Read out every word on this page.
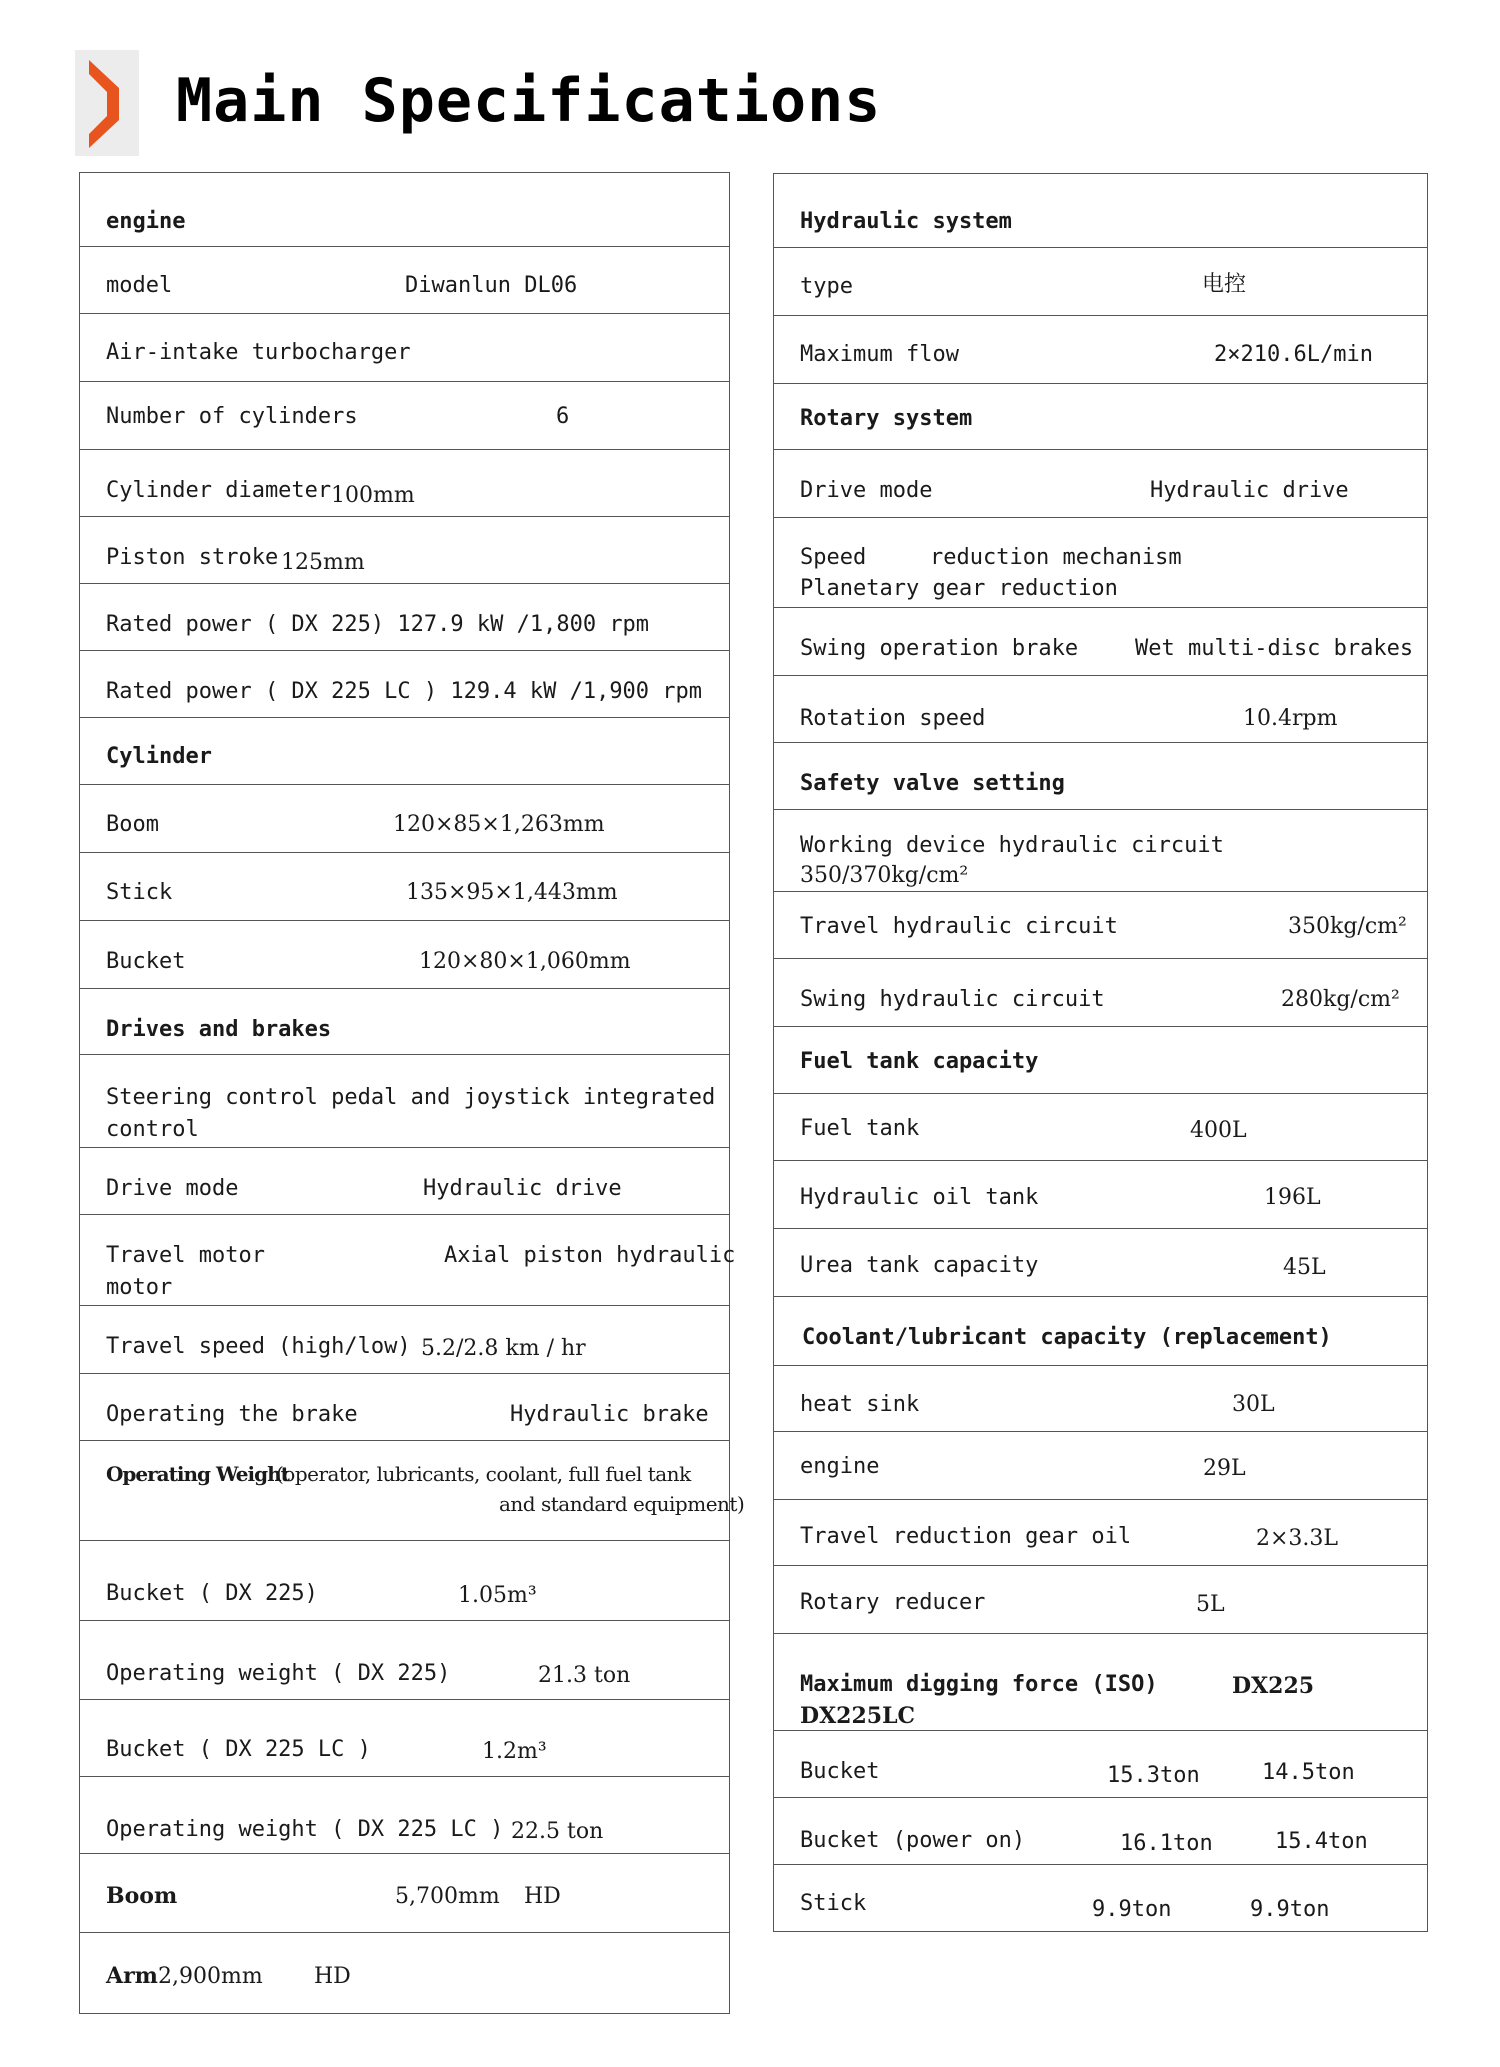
Main Specifications
engine
model	Diwanlun DL06
Air-intake turbocharger
Number of cylinders	6
Cylinder diameter 100mm
Piston stroke 125mm
Rated power ( DX 225) 127.9 kW /1,800 rpm
Rated power ( DX 225 LC ) 129.4 kW /1,900 rpm
Cylinder
Boom	120×85×1,263mm
Stick	135×95×1,443mm
Bucket	120×80×1,060mm
Drives and brakes
Steering control pedal and joystick integrated
control
Drive mode	Hydraulic drive
Travel motor	Axial piston hydraulic
motor
Travel speed (high/low) 5.2/2.8 km / hr
Operating the brake	Hydraulic brake
Operating Weight
(operator, lubricants, coolant, full fuel tank
and standard equipment)
Bucket ( DX 225)	1.05m³
Operating weight ( DX 225)	21.3 ton
Bucket ( DX 225 LC )	1.2m³
Operating weight ( DX 225 LC ) 22.5 ton
Boom	5,700mm HD
Arm 2,900mm HD
Hydraulic system
type	电控
Maximum flow	2×210.6L/min
Rotary system
Drive mode	Hydraulic drive
Speed	reduction mechanism
Planetary gear reduction
Swing operation brake	Wet multi-disc brakes
Rotation speed	10.4rpm
Safety valve setting
Working device hydraulic circuit
350/370kg/cm²
Travel hydraulic circuit	350kg/cm²
Swing hydraulic circuit	280kg/cm²
Fuel tank capacity
Fuel tank	400L
Hydraulic oil tank	196L
Urea tank capacity	45L
Coolant/lubricant capacity (replacement)
heat sink	30L
engine	29L
Travel reduction gear oil	2×3.3L
Rotary reducer	5L
Maximum digging force (ISO)	DX225
DX225LC
Bucket	15.3ton	14.5ton
Bucket (power on)	16.1ton	15.4ton
Stick	9.9ton	9.9ton
